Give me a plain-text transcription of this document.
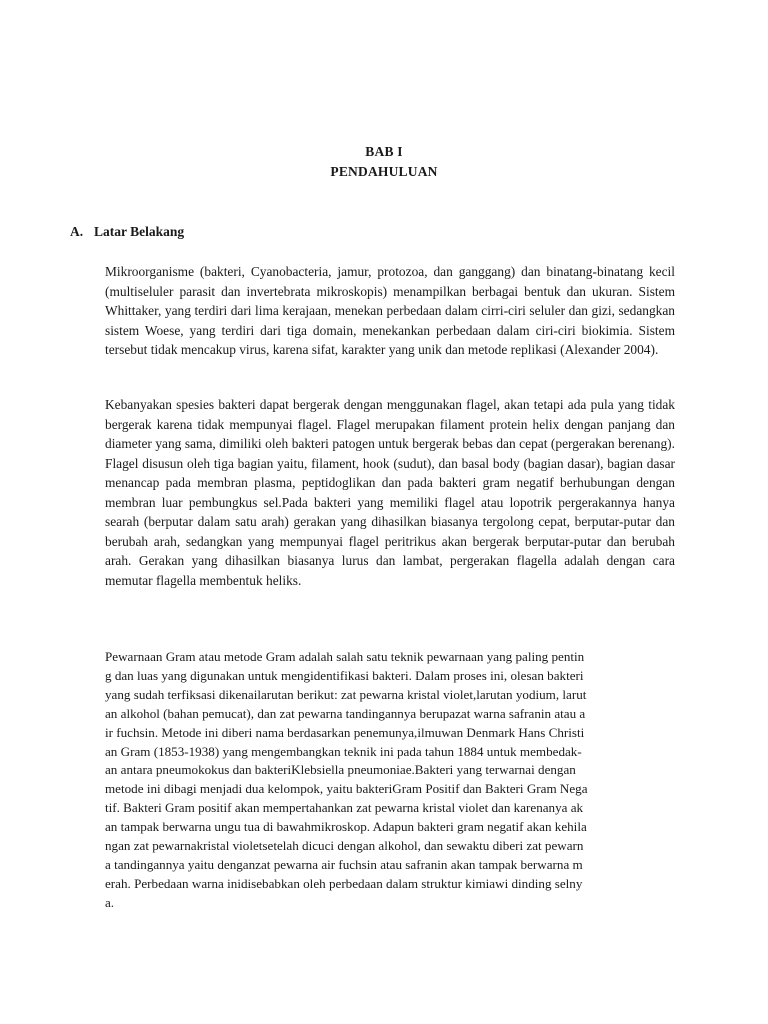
BAB I
PENDAHULUAN
A. Latar Belakang

Mikroorganisme (bakteri, Cyanobacteria, jamur, protozoa, dan ganggang) dan binatang-binatang kecil (multiseluler parasit dan invertebrata mikroskopis) menampilkan berbagai bentuk dan ukuran. Sistem Whittaker, yang terdiri dari lima kerajaan, menekan perbedaan dalam cirri-ciri seluler dan gizi, sedangkan sistem Woese, yang terdiri dari tiga domain, menekankan perbedaan dalam ciri-ciri biokimia. Sistem tersebut tidak mencakup virus, karena sifat, karakter yang unik dan metode replikasi (Alexander 2004).

Kebanyakan spesies bakteri dapat bergerak dengan menggunakan flagel, akan tetapi ada pula yang tidak bergerak karena tidak mempunyai flagel. Flagel merupakan filament protein helix dengan panjang dan diameter yang sama, dimiliki oleh bakteri patogen untuk bergerak bebas dan cepat (pergerakan berenang). Flagel disusun oleh tiga bagian yaitu, filament, hook (sudut), dan basal body (bagian dasar), bagian dasar menancap pada membran plasma, peptidoglikan dan pada bakteri gram negatif berhubungan dengan membran luar pembungkus sel.Pada bakteri yang memiliki flagel atau lopotrik pergerakannya hanya searah (berputar dalam satu arah) gerakan yang dihasilkan biasanya tergolong cepat, berputar-putar dan berubah arah, sedangkan yang mempunyai flagel peritrikus akan bergerak berputar-putar dan berubah arah. Gerakan yang dihasilkan biasanya lurus dan lambat, pergerakan flagella adalah dengan cara memutar flagella membentuk heliks.

Pewarnaan Gram atau metode Gram adalah salah satu teknik pewarnaan yang paling pentin
g dan luas yang digunakan untuk mengidentifikasi bakteri. Dalam proses ini, olesan bakteri
yang sudah terfiksasi dikenailarutan berikut: zat pewarna kristal violet,larutan yodium, larut
an alkohol (bahan pemucat), dan zat pewarna tandingannya berupazat warna safranin atau a
ir fuchsin. Metode ini diberi nama berdasarkan penemunya,ilmuwan Denmark Hans Christi
an Gram (1853-1938) yang mengembangkan teknik ini pada tahun 1884 untuk membedak-
an antara pneumokokus dan bakteriKlebsiella pneumoniae.Bakteri yang terwarnai dengan
metode ini dibagi menjadi dua kelompok, yaitu bakteriGram Positif dan Bakteri Gram Nega
tif. Bakteri Gram positif akan mempertahankan zat pewarna kristal violet dan karenanya ak
an tampak berwarna ungu tua di bawahmikroskop. Adapun bakteri gram negatif akan kehila
ngan zat pewarnakristal violetsetelah dicuci dengan alkohol, dan sewaktu diberi zat pewarn
a tandingannya yaitu denganzat pewarna air fuchsin atau safranin akan tampak berwarna m
erah. Perbedaan warna inidisebabkan oleh perbedaan dalam struktur kimiawi dinding selny
a.
